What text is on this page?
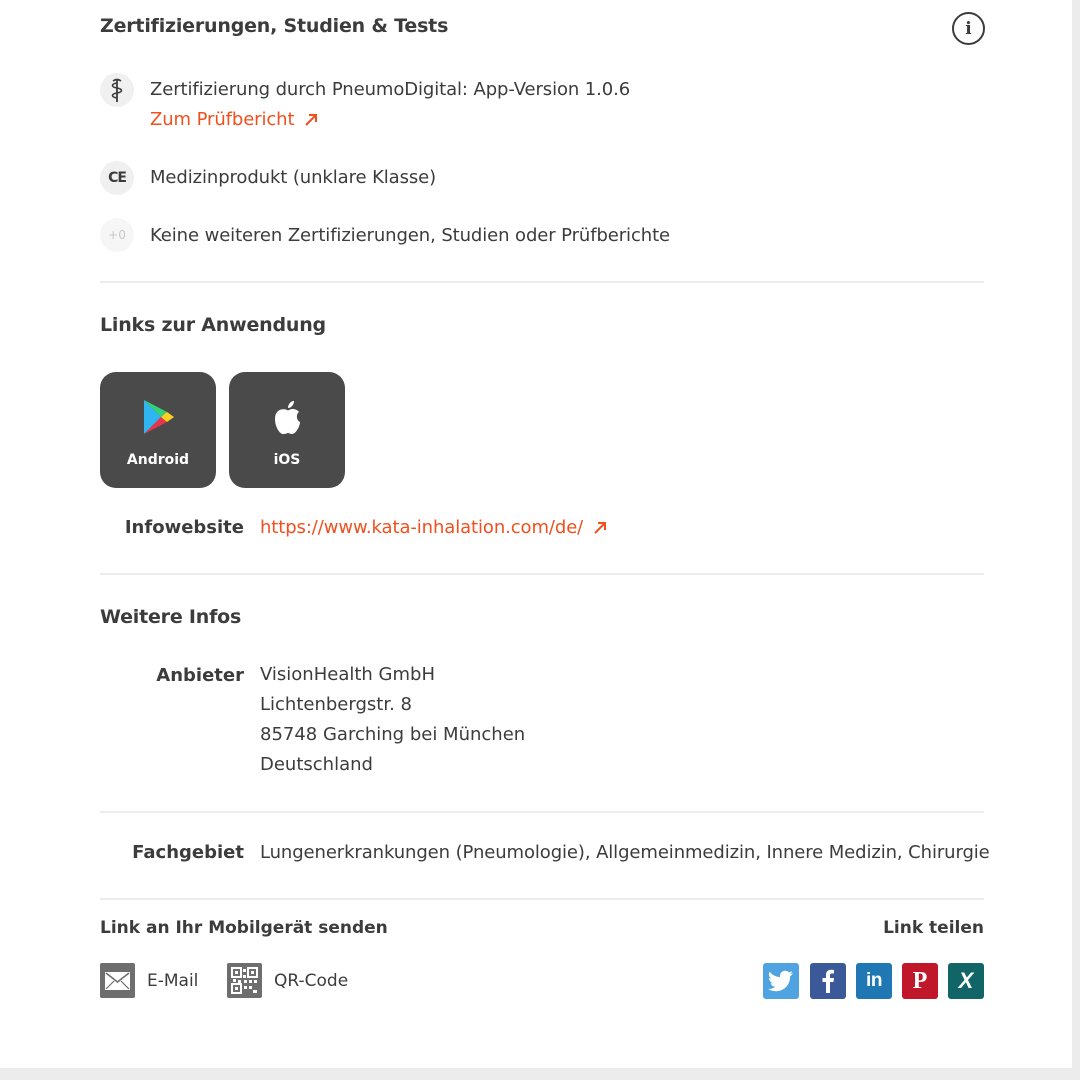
Zertifizierungen, Studien & Tests	i
Zertifizierung durch PneumoDigital: App-Version 1.0.6
Zum Prüfbericht
CE Medizinprodukt (unklare Klasse)
+0 Keine weiteren Zertifizierungen, Studien oder Prüfberichte
Links zur Anwendung
Android	iOS
Infowebsite https://www.kata-inhalation.com/de/
Weitere Infos
Anbieter VisionHealth GmbH
Lichtenbergstr. 8
85748 Garching bei München
Deutschland
Fachgebiet Lungenerkrankungen (Pneumologie), Allgemeinmedizin, Innere Medizin, Chirurgie
Link an Ihr Mobilgerät senden	Link teilen
E-Mail	QR-Code	in P X
